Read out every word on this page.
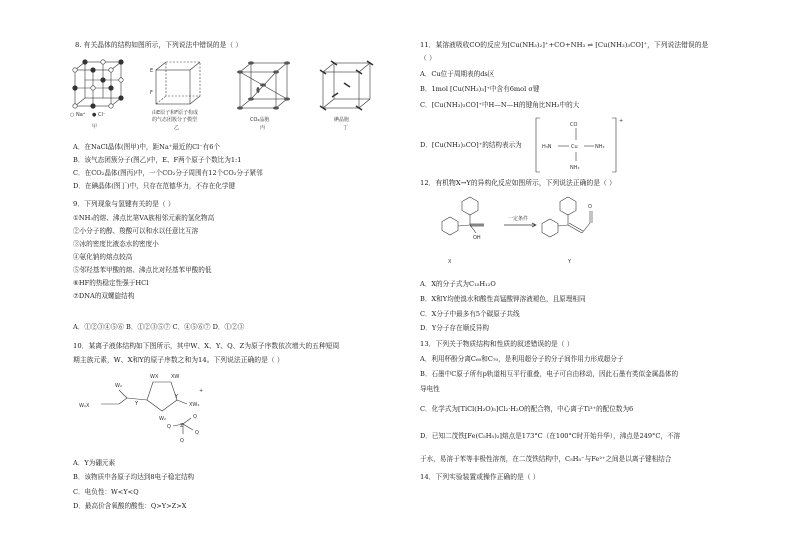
8. 有关晶体的结构如图所示，下列说法中错误的是（ ）
○ Na⁺ ● Cl⁻
甲
E
F
由E原子和F原子构成
的气态团簇分子模型
乙
CO₂晶胞
丙
碘晶胞
丁
A．在NaCl晶体(图甲)中，距Na⁺最近的Cl⁻有6个
B．该气态团簇分子(图乙)中，E、F两个原子个数比为1:1
C．在CO₂晶体(图丙)中，一个CO₂分子周围有12个CO₂分子紧邻
D．在碘晶体(图丁)中，只存在范德华力，不存在化学键
9．下列现象与氢键有关的是（ ）
①NH₃的熔、沸点比第VA族相邻元素的氢化物高
②小分子的醇、羧酸可以和水以任意比互溶
③冰的密度比液态水的密度小
④氨化钠的熔点较高
⑤邻羟基苯甲酸的熔、沸点比对羟基苯甲酸的低
⑥HF的热稳定性强于HCl
⑦DNA的双螺旋结构
A．①②③④⑤⑥ B．①②③⑤⑦ C．④⑤⑥⑦ D．①②③
10．某离子液体结构如下图所示，其中W、X、Y、Q、Z为原子序数依次增大的五种短周
期主族元素，W、X和Y的原子序数之和为14。下列说法正确的是（ ）
WX	XW
W₂
W₂X	Y
Y
XW₃
W₂
Q
Q
Q
Z
Q
+
A．Y为硼元素
B．该物质中各原子均达到8电子稳定结构
C．电负性：W<Y<Q
D．最高价含氧酸的酸性：Q>Y>Z>X
11．某溶液吸收CO的反应为[Cu(NH₃)₂]⁺+CO+NH₃ ⇌ [Cu(NH₃)₃CO]⁺，下列说法错误的是
（ ）
A．Cu位于周期表的ds区
B．1mol [Cu(NH₃)₃]⁺中含有6mol σ键
C．[Cu(NH₃)₃CO]⁺中H—N—H的键角比NH₃中的大
D．[Cu(NH₃)₃CO]⁺的结构表示为
CO
H₃N	Cu	NH₃
NH₃
+
12．有机物X→Y的异构化反应如图所示，下列说法正确的是（ ）
OH
X
一定条件
O
Y
A．X的分子式为C₁₅H₁₂O
B．X和Y均使溴水和酸性高锰酸钾溶液褪色，且原理相同
C．X分子中最多有5个碳原子共线
D．Y分子存在顺反异构
13．下列关于物质结构和性质的叙述错误的是（ ）
A．利用杯酚分离C₆₀和C₇₀，是利用超分子的分子间作用力形成超分子
B．石墨中C原子所有p轨道相互平行重叠，电子可自由移动，因此石墨有类似金属晶体的
导电性
C．化学式为[TiCl(H₂O)₅]Cl₂·H₂O的配合物，中心离子Ti³⁺的配位数为6
D．已知二茂铁[Fe(C₅H₅)₂]熔点是173°C（在100°C时开始升华），沸点是249°C，不溶
于水，易溶于苯等非极性溶剂，在二茂铁结构中，C₅H₅⁻与Fe²⁺之间是以离子键相结合
14．下列实验装置或操作正确的是（ ）
